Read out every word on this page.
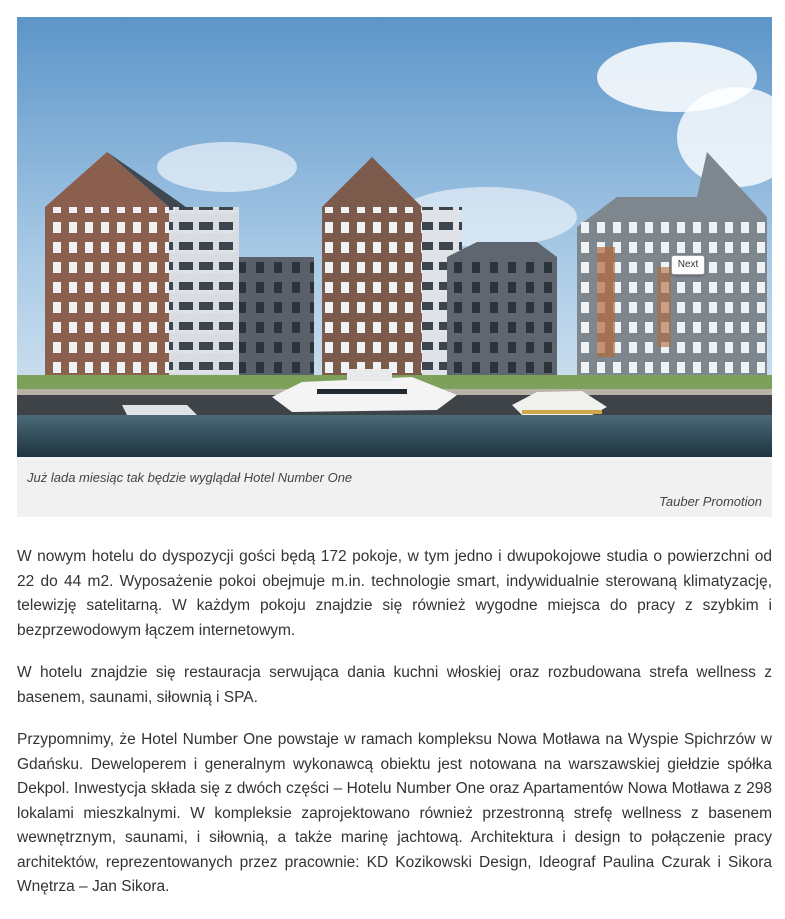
Next
Już lada miesiąc tak będzie wyglądał Hotel Number One
Tauber Promotion

W nowym hotelu do dyspozycji gości będą 172 pokoje, w tym jedno i dwupokojowe studia o powierzchni od 22 do 44 m2. Wyposażenie pokoi obejmuje m.in. technologie smart, indywidualnie sterowaną klimatyzację, telewizję satelitarną. W każdym pokoju znajdzie się również wygodne miejsca do pracy z szybkim i bezprzewodowym łączem internetowym.

W hotelu znajdzie się restauracja serwująca dania kuchni włoskiej oraz rozbudowana strefa wellness z basenem, saunami, siłownią i SPA.

Przypomnimy, że Hotel Number One powstaje w ramach kompleksu Nowa Motława na Wyspie Spichrzów w Gdańsku. Deweloperem i generalnym wykonawcą obiektu jest notowana na warszawskiej giełdzie spółka Dekpol. Inwestycja składa się z dwóch części – Hotelu Number One oraz Apartamentów Nowa Motława z 298 lokalami mieszkalnymi. W kompleksie zaprojektowano również przestronną strefę wellness z basenem wewnętrznym, saunami, i siłownią, a także marinę jachtową. Architektura i design to połączenie pracy architektów, reprezentowanych przez pracownie: KD Kozikowski Design, Ideograf Paulina Czurak i Sikora Wnętrza – Jan Sikora.
